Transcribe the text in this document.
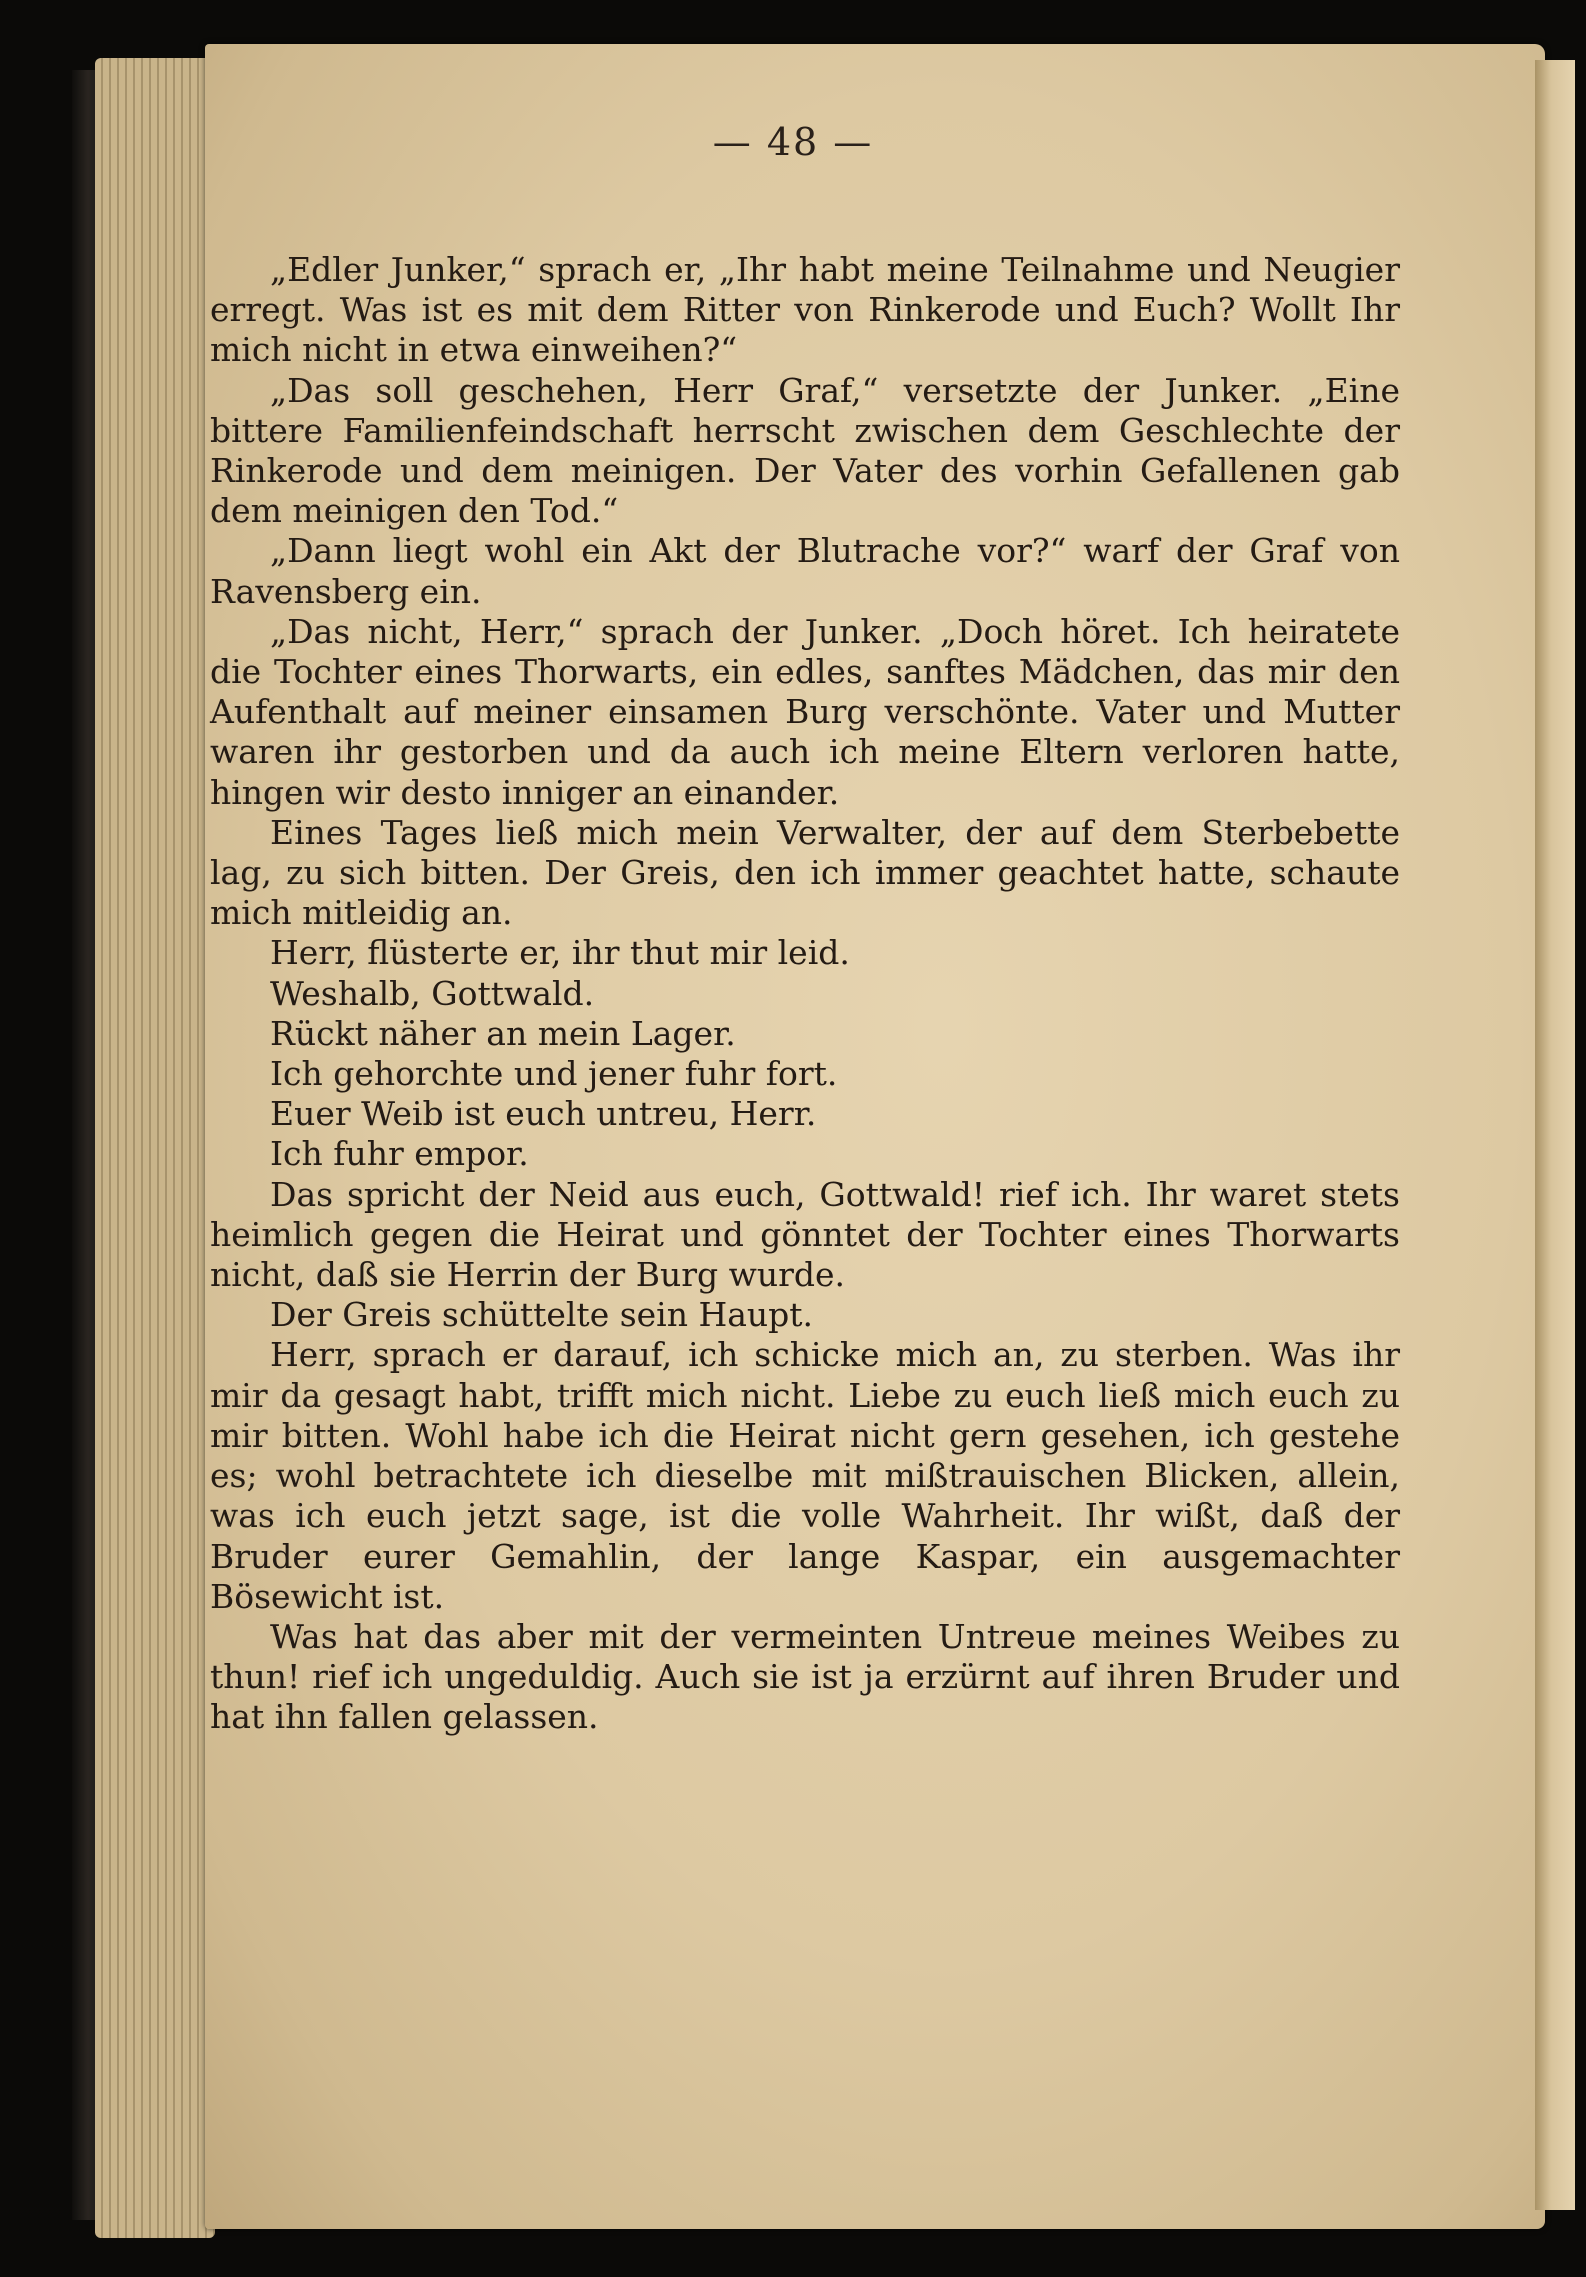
— 48 —

„Edler Junker,“ sprach er, „Ihr habt meine Teilnahme und Neugier erregt. Was ist es mit dem Ritter von Rinkerode und Euch? Wollt Ihr mich nicht in etwa einweihen?“

„Das soll geschehen, Herr Graf,“ versetzte der Junker. „Eine bittere Familienfeindschaft herrscht zwischen dem Geschlechte der Rinkerode und dem meinigen. Der Vater des vorhin Gefallenen gab dem meinigen den Tod.“

„Dann liegt wohl ein Akt der Blutrache vor?“ warf der Graf von Ravensberg ein.

„Das nicht, Herr,“ sprach der Junker. „Doch höret. Ich heiratete die Tochter eines Thorwarts, ein edles, sanftes Mädchen, das mir den Aufenthalt auf meiner einsamen Burg verschönte. Vater und Mutter waren ihr gestorben und da auch ich meine Eltern verloren hatte, hingen wir desto inniger an einander.

Eines Tages ließ mich mein Verwalter, der auf dem Sterbebette lag, zu sich bitten. Der Greis, den ich immer geachtet hatte, schaute mich mitleidig an.

Herr, flüsterte er, ihr thut mir leid.

Weshalb, Gottwald.

Rückt näher an mein Lager.

Ich gehorchte und jener fuhr fort.

Euer Weib ist euch untreu, Herr.

Ich fuhr empor.

Das spricht der Neid aus euch, Gottwald! rief ich. Ihr waret stets heimlich gegen die Heirat und gönntet der Tochter eines Thorwarts nicht, daß sie Herrin der Burg wurde.

Der Greis schüttelte sein Haupt.

Herr, sprach er darauf, ich schicke mich an, zu sterben. Was ihr mir da gesagt habt, trifft mich nicht. Liebe zu euch ließ mich euch zu mir bitten. Wohl habe ich die Heirat nicht gern gesehen, ich gestehe es; wohl betrachtete ich dieselbe mit mißtrauischen Blicken, allein, was ich euch jetzt sage, ist die volle Wahrheit. Ihr wißt, daß der Bruder eurer Gemahlin, der lange Kaspar, ein ausgemachter Bösewicht ist.

Was hat das aber mit der vermeinten Untreue meines Weibes zu thun! rief ich ungeduldig. Auch sie ist ja erzürnt auf ihren Bruder und hat ihn fallen gelassen.
